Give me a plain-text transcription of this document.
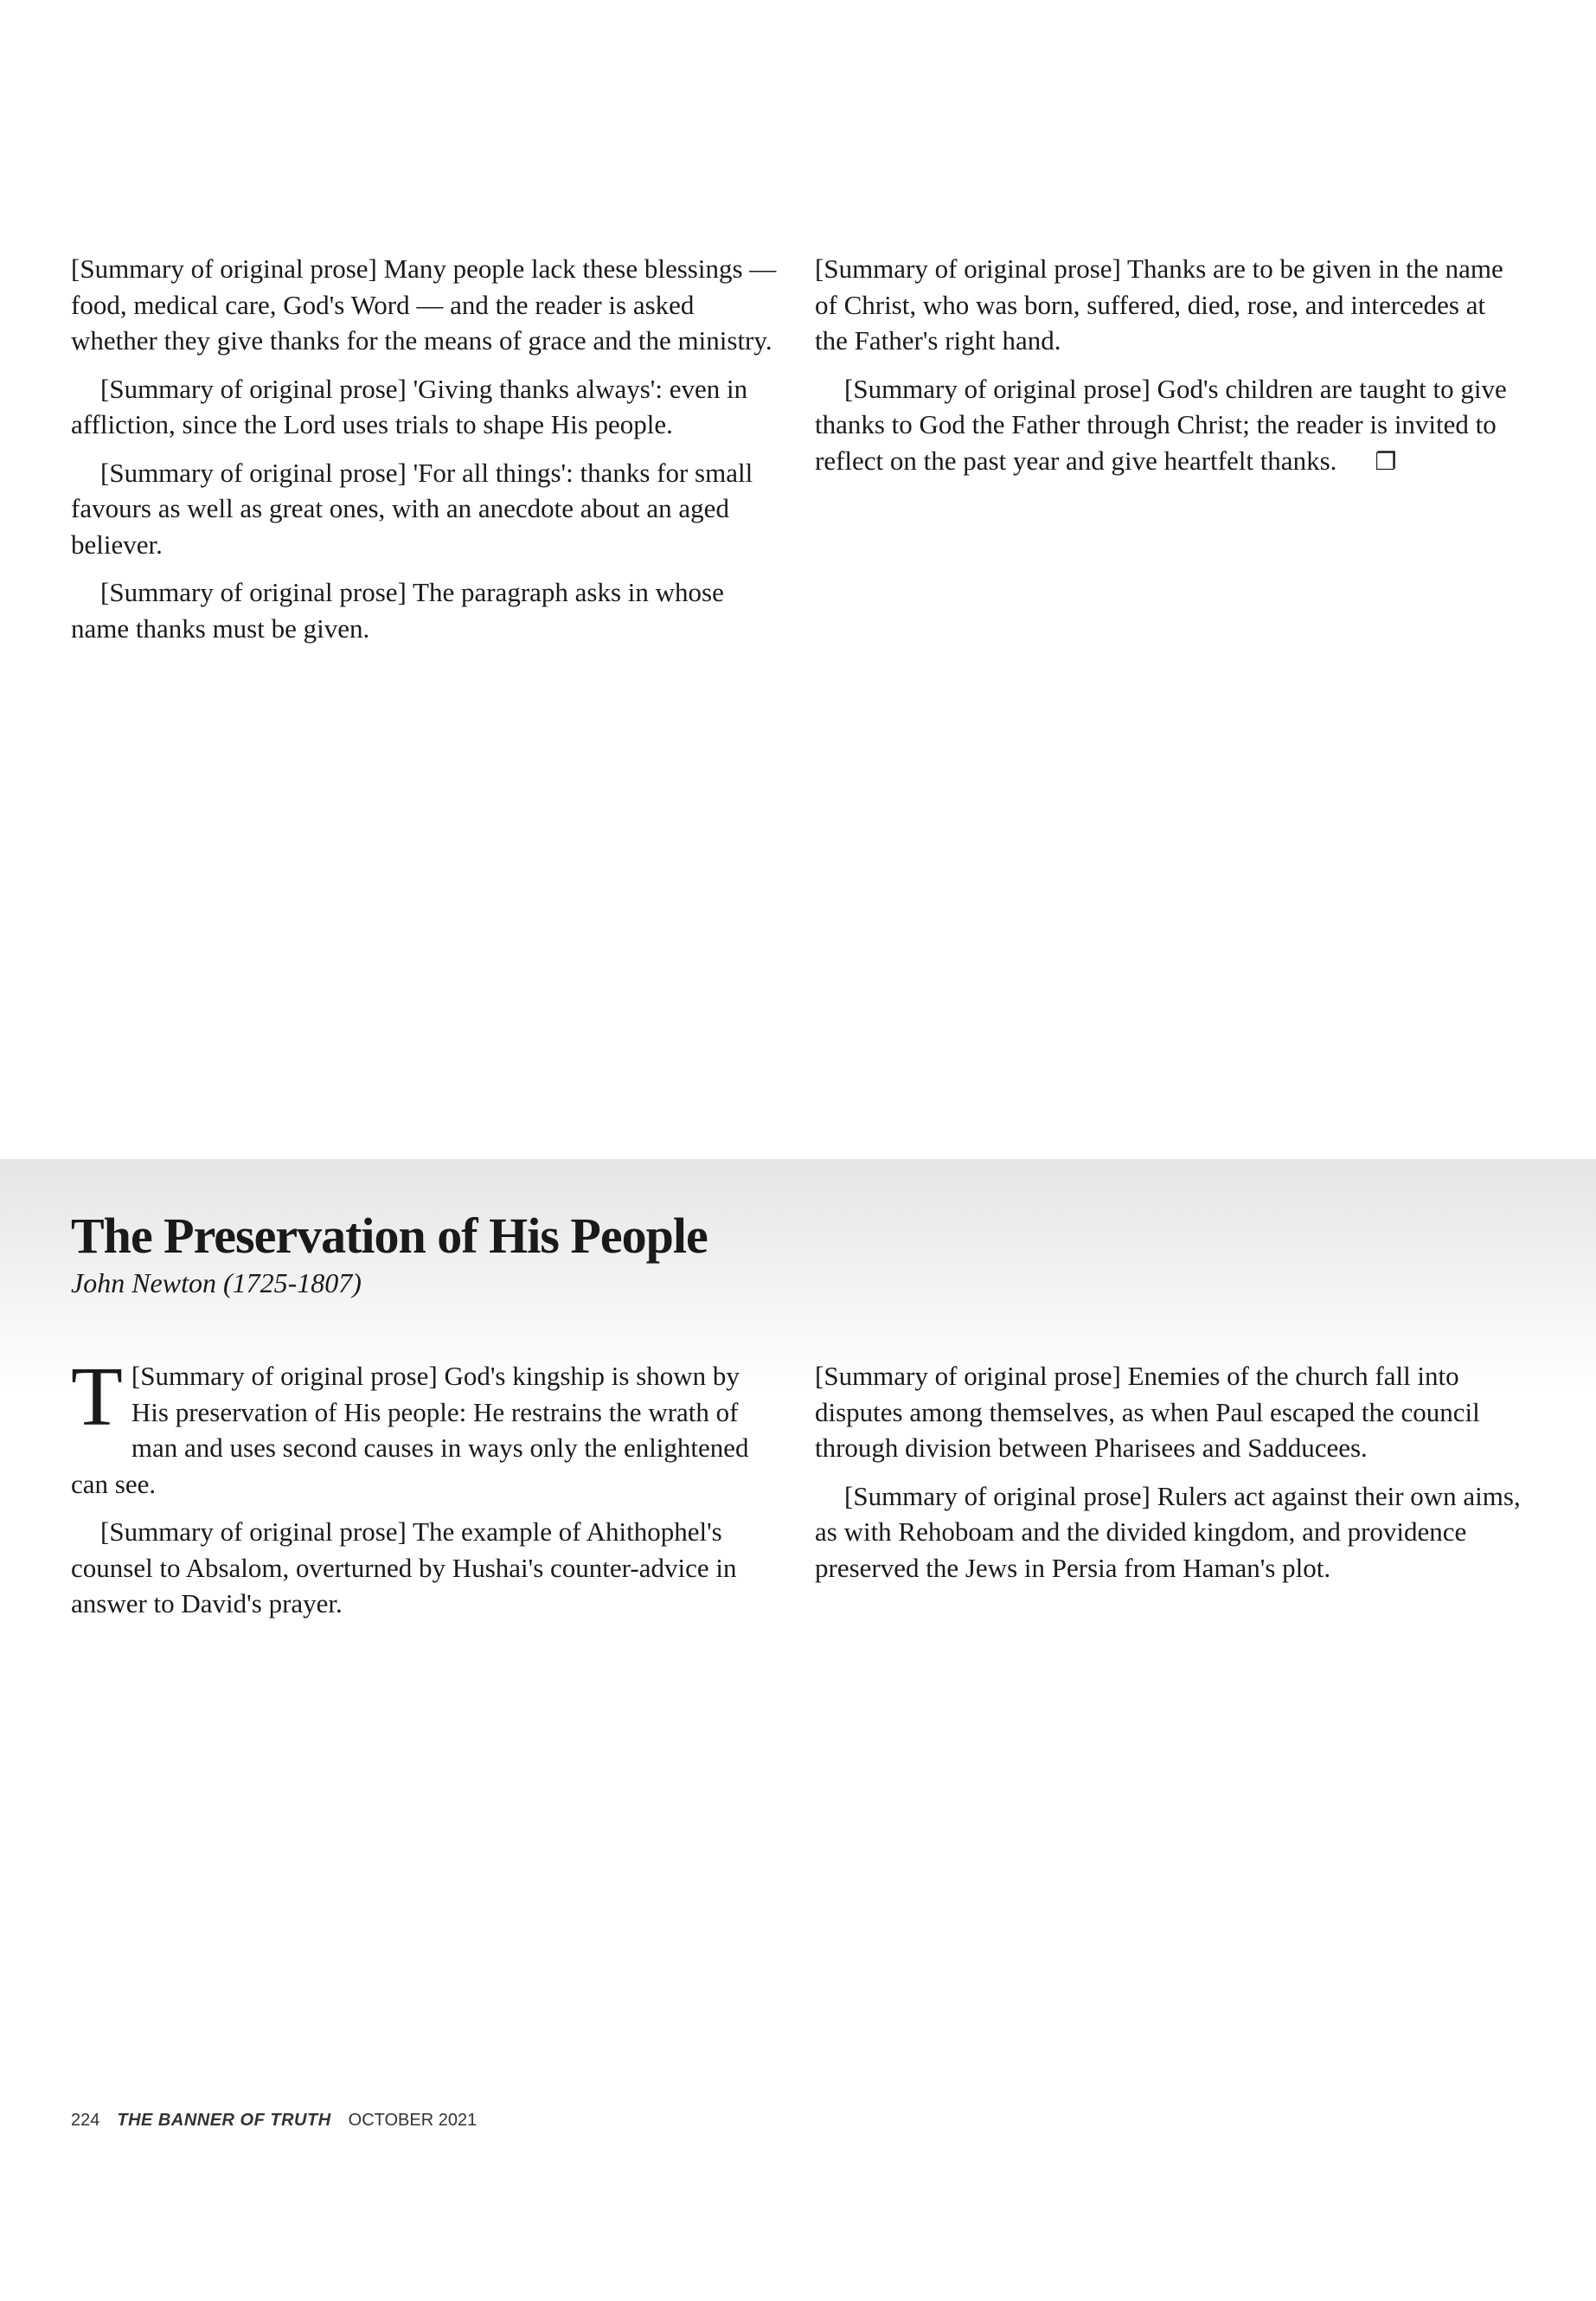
[Summary of original prose] Many people lack these blessings — food, medical care, God's Word — and the reader is asked whether they give thanks for the means of grace and the ministry.

[Summary of original prose] 'Giving thanks always': even in affliction, since the Lord uses trials to shape His people.

[Summary of original prose] 'For all things': thanks for small favours as well as great ones, with an anecdote about an aged believer.

[Summary of original prose] The paragraph asks in whose name thanks must be given.

[Summary of original prose] Thanks are to be given in the name of Christ, who was born, suffered, died, rose, and intercedes at the Father's right hand.

[Summary of original prose] God's children are taught to give thanks to God the Father through Christ; the reader is invited to reflect on the past year and give heartfelt thanks. ❐

The Preservation of His People

John Newton (1725-1807)

T [Summary of original prose] God's kingship is shown by His preservation of His people: He restrains the wrath of man and uses second causes in ways only the enlightened can see.

[Summary of original prose] The example of Ahithophel's counsel to Absalom, overturned by Hushai's counter-advice in answer to David's prayer.

[Summary of original prose] Enemies of the church fall into disputes among themselves, as when Paul escaped the council through division between Pharisees and Sadducees.

[Summary of original prose] Rulers act against their own aims, as with Rehoboam and the divided kingdom, and providence preserved the Jews in Persia from Haman's plot.

224 THE BANNER OF TRUTH OCTOBER 2021
